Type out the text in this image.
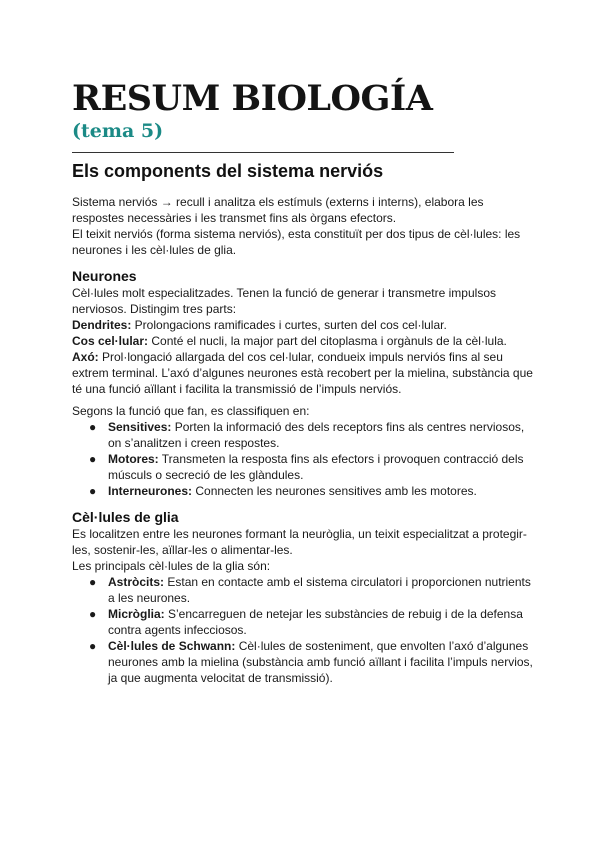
RESUM BIOLOGÍA
(tema 5)
Els components del sistema nerviós

Sistema nerviós → recull i analitza els estímuls (externs i interns), elabora les respostes necessàries i les transmet fins als òrgans efectors.

El teixit nerviós (forma sistema nerviós), esta constituït per dos tipus de cèl·lules: les neurones i les cèl·lules de glia.

Neurones

Cèl·lules molt especialitzades. Tenen la funció de generar i transmetre impulsos nerviosos. Distingim tres parts:

Dendrites: Prolongacions ramificades i curtes, surten del cos cel·lular.

Cos cel·lular: Conté el nucli, la major part del citoplasma i orgànuls de la cèl·lula.

Axó: Prol·longació allargada del cos cel·lular, condueix impuls nerviós fins al seu extrem terminal. L’axó d’algunes neurones està recobert per la mielina, substància que té una funció aïllant i facilita la transmissió de l’impuls nerviós.

Segons la funció que fan, es classifiquen en:

● Sensitives: Porten la informació des dels receptors fins als centres nerviosos, on s’analitzen i creen respostes.
● Motores: Transmeten la resposta fins als efectors i provoquen contracció dels músculs o secreció de les glàndules.
● Interneurones: Connecten les neurones sensitives amb les motores.
Cèl·lules de glia

Es localitzen entre les neurones formant la neuròglia, un teixit especialitzat a protegir-les, sostenir-les, aïllar-les o alimentar-les.

Les principals cèl·lules de la glia són:

● Astròcits: Estan en contacte amb el sistema circulatori i proporcionen nutrients a les neurones.
● Micròglia: S’encarreguen de netejar les substàncies de rebuig i de la defensa contra agents infecciosos.
● Cèl·lules de Schwann: Cèl·lules de sosteniment, que envolten l’axó d’algunes neurones amb la mielina (substància amb funció aïllant i facilita l’impuls nervios, ja que augmenta velocitat de transmissió).
